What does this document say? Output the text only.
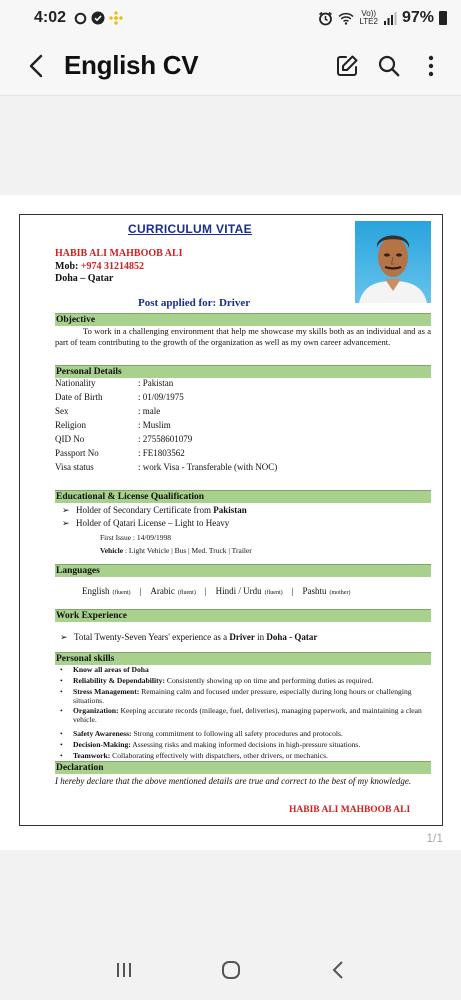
4:02	Vo))
LTE2 97%
English CV
CURRICULUM VITAE
HABIB ALI MAHBOOB ALI
Mob: +974 31214852
Doha – Qatar
Post applied for: Driver
Objective
To work in a challenging environment that help me showcase my skills both as an individual and as a part of team contributing to the growth of the organization as well as my own career advancement.
Personal Details
Nationality	: Pakistan
Date of Birth	: 01/09/1975
Sex	: male
Religion	: Muslim
QID No	: 27558601079
Passport No	: FE1803562
Visa status	: work Visa - Transferable (with NOC)
Educational & License Qualification
➢ Holder of Secondary Certificate from Pakistan
➢ Holder of Qatari License – Light to Heavy
First Issue : 14/09/1998
Vehicle : Light Vehicle | Bus | Med. Truck | Trailer
Languages
English (fluent) | Arabic (fluent) | Hindi / Urdu (fluent) | Pashtu (mother)
Work Experience
➢ Total Twenty-Seven Years' experience as a Driver in Doha - Qatar
Personal skills
• Know all areas of Doha
• Reliability & Dependability: Consistently showing up on time and performing duties as required.
• Stress Management: Remaining calm and focused under pressure, especially during long hours or challenging situations.
• Organization: Keeping accurate records (mileage, fuel, deliveries), managing paperwork, and maintaining a clean vehicle.
• Safety Awareness: Strong commitment to following all safety procedures and protocols.
• Decision-Making: Assessing risks and making informed decisions in high-pressure situations.
• Teamwork: Collaborating effectively with dispatchers, other drivers, or mechanics.
Declaration
I hereby declare that the above mentioned details are true and correct to the best of my knowledge.
HABIB ALI MAHBOOB ALI
1/1
